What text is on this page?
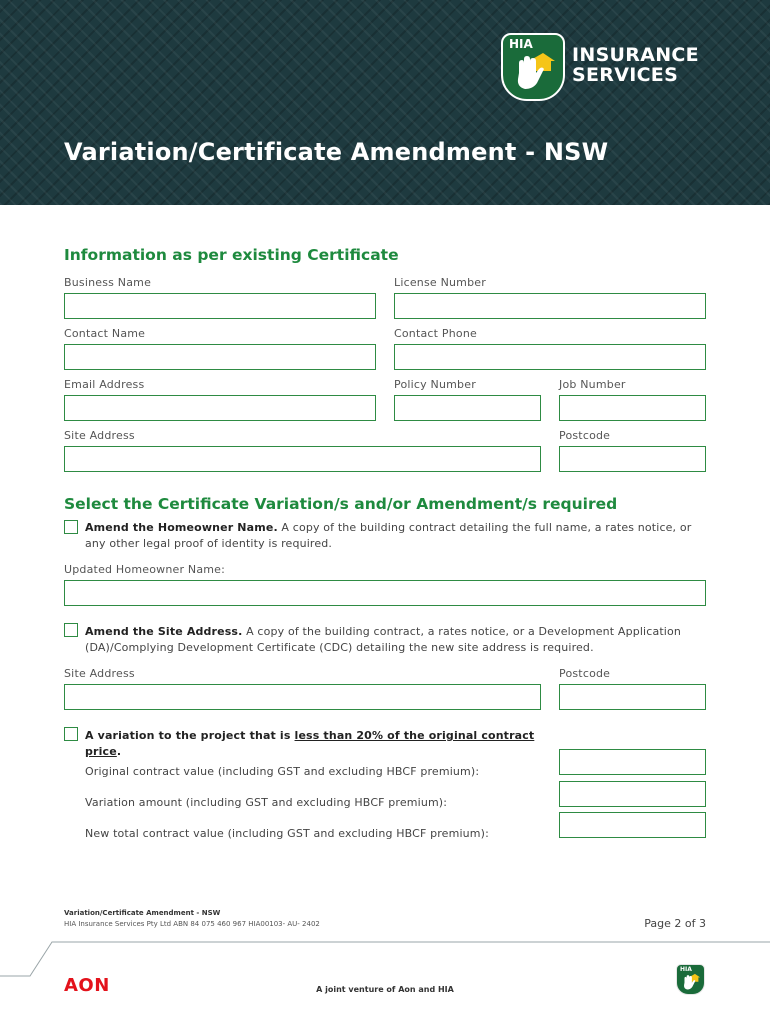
Variation/Certificate Amendment - NSW
HIA INSURANCE
SERVICES
Information as per existing Certificate
Business Name	License Number
Contact Name	Contact Phone
Email Address	Policy Number	Job Number
Site Address	Postcode
Select the Certificate Variation/s and/or Amendment/s required
Amend the Homeowner Name. A copy of the building contract detailing the full name, a rates notice, or any other legal proof of identity is required.
Updated Homeowner Name:
Amend the Site Address. A copy of the building contract, a rates notice, or a Development Application (DA)/Complying Development Certificate (CDC) detailing the new site address is required.
Site Address	Postcode
A variation to the project that is less than 20% of the original contract price.
Original contract value (including GST and excluding HBCF premium):
Variation amount (including GST and excluding HBCF premium):
New total contract value (including GST and excluding HBCF premium):
Variation/Certificate Amendment - NSW
HIA Insurance Services Pty Ltd ABN 84 075 460 967 HIA00103- AU- 2402	Page 2 of 3
AON	A joint venture of Aon and HIA
HIA
